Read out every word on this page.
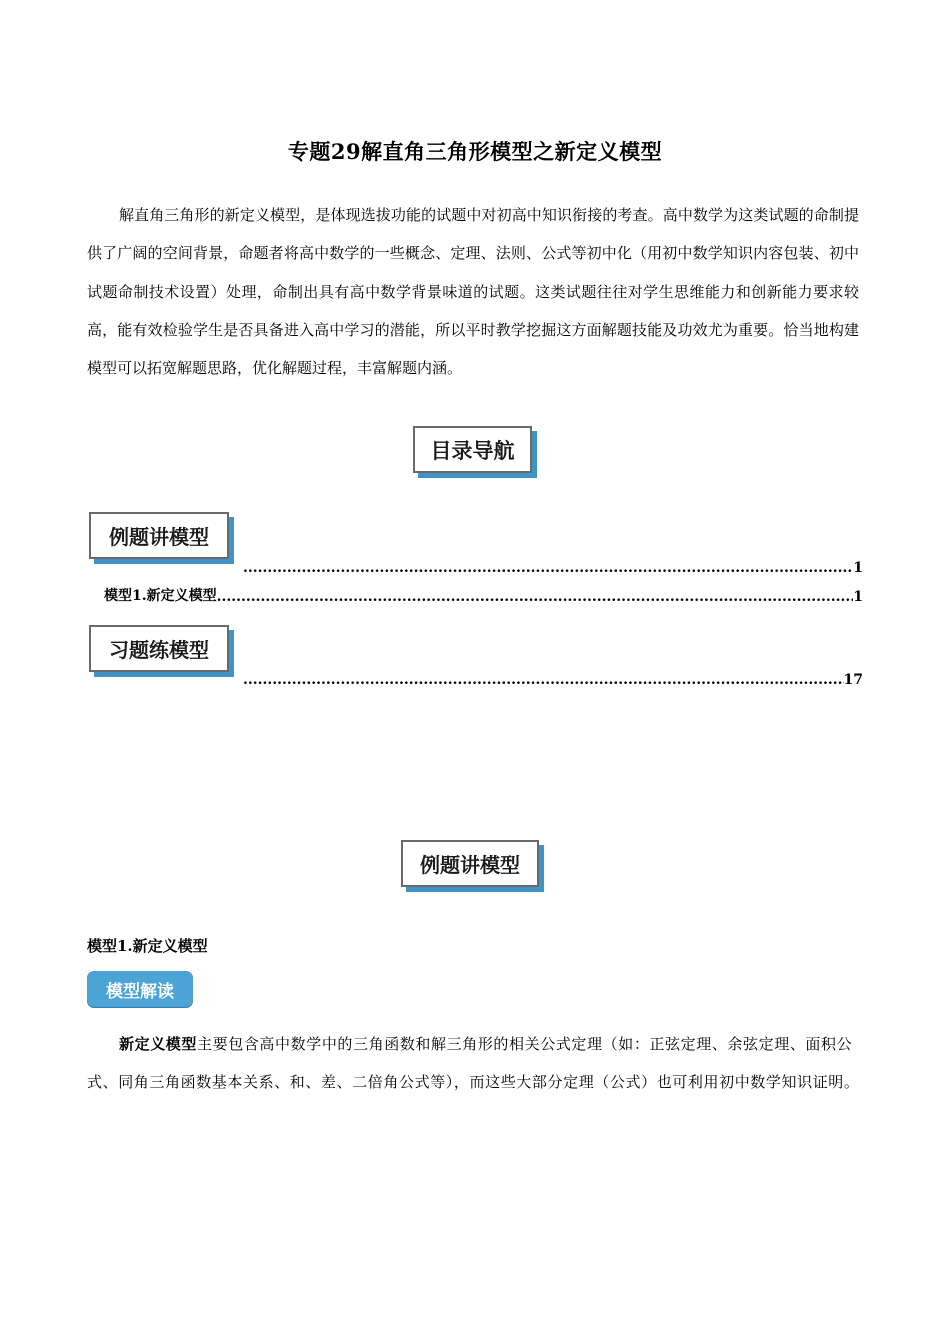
专题29解直角三角形模型之新定义模型
解直角三角形的新定义模型，是体现选拔功能的试题中对初高中知识衔接的考查。高中数学为这类试题的命制提供了广阔的空间背景，命题者将高中数学的一些概念、定理、法则、公式等初中化（用初中数学知识内容包装、初中试题命制技术设置）处理，命制出具有高中数学背景味道的试题。这类试题往往对学生思维能力和创新能力要求较高，能有效检验学生是否具备进入高中学习的潜能，所以平时教学挖掘这方面解题技能及功效尤为重要。恰当地构建模型可以拓宽解题思路，优化解题过程，丰富解题内涵。
目录导航
例题讲模型
.....
1
模型1.新定义模型
.....	1
习题练模型
.....
17
例题讲模型
模型1.新定义模型
模型解读
新定义模型主要包含高中数学中的三角函数和解三角形的相关公式定理（如：正弦定理、余弦定理、面积公式、同角三角函数基本关系、和、差、二倍角公式等），而这些大部分定理（公式）也可利用初中数学知识证明。
